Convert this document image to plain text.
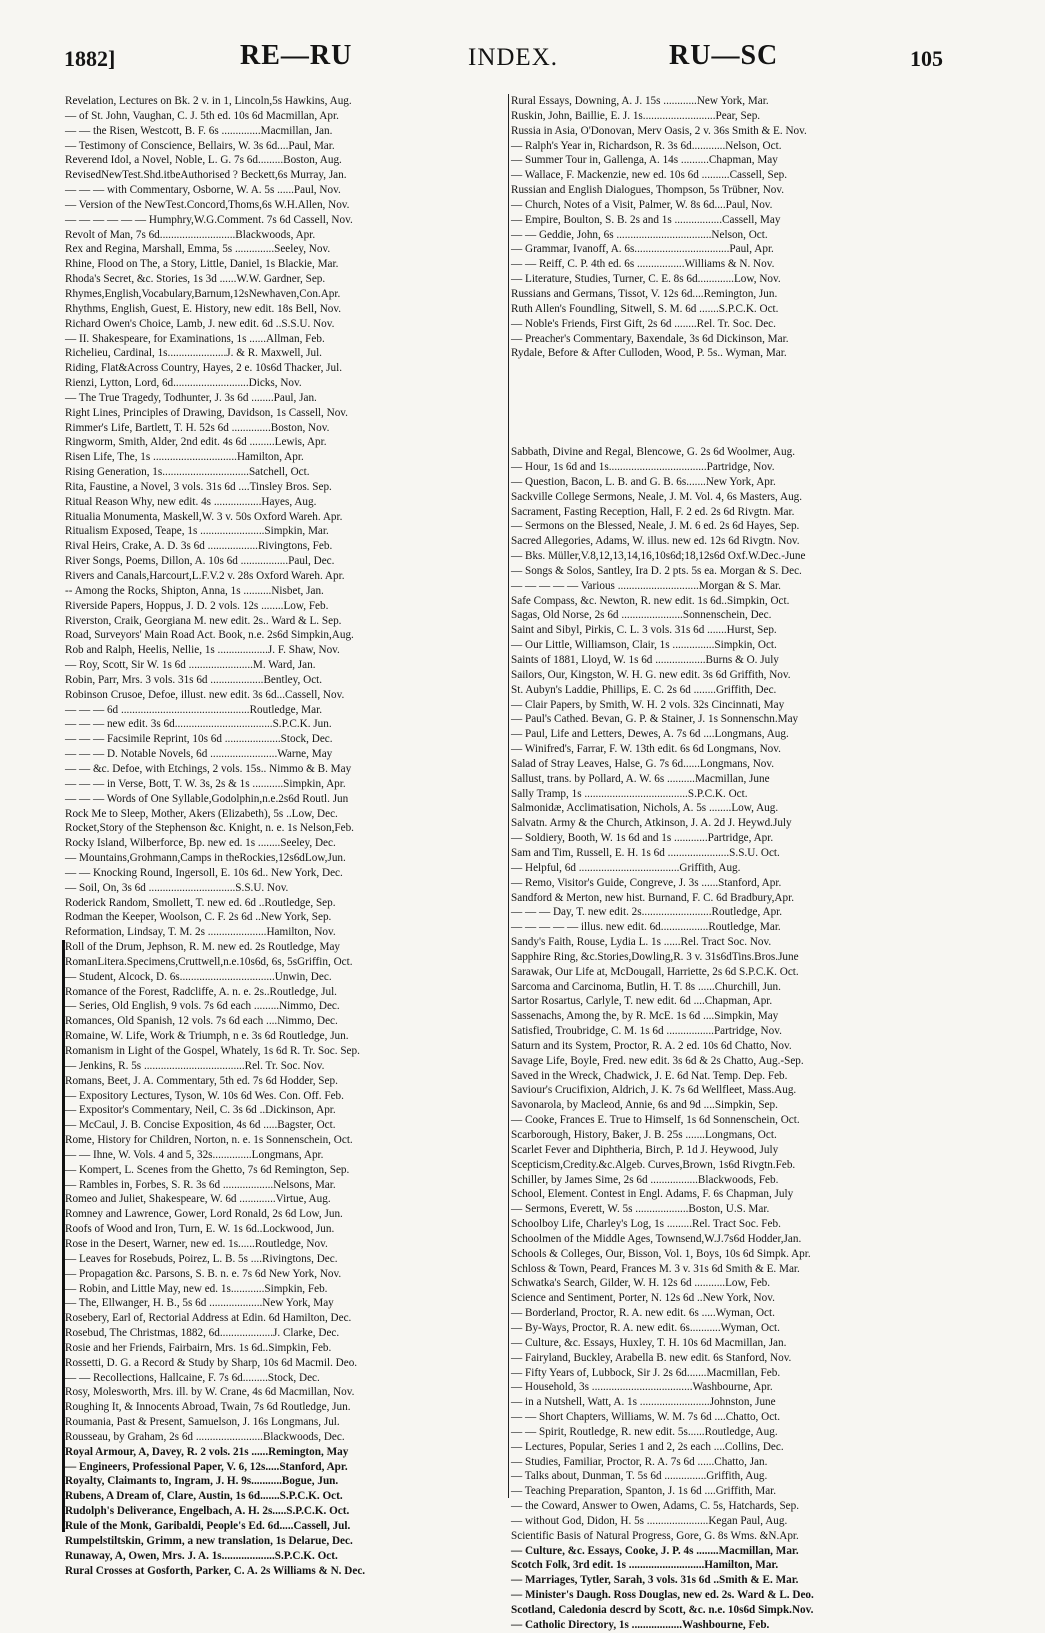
1882]	RE—RU	INDEX.	RU—SC	105
Revelation, Lectures on Bk. 2 v. in 1, Lincoln,5s Hawkins, Aug.
— of St. John, Vaughan, C. J. 5th ed. 10s 6d Macmillan, Apr.
— — the Risen, Westcott, B. F. 6s ..............Macmillan, Jan.
— Testimony of Conscience, Bellairs, W. 3s 6d....Paul, Mar.
Reverend Idol, a Novel, Noble, L. G. 7s 6d.........Boston, Aug.
RevisedNewTest.Shd.itbeAuthorised ? Beckett,6s Murray, Jan.
— — — with Commentary, Osborne, W. A. 5s ......Paul, Nov.
— Version of the NewTest.Concord,Thoms,6s W.H.Allen, Nov.
— — — — — — Humphry,W.G.Comment. 7s 6d Cassell, Nov.
Revolt of Man, 7s 6d...........................Blackwoods, Apr.
Rex and Regina, Marshall, Emma, 5s ..............Seeley, Nov.
Rhine, Flood on The, a Story, Little, Daniel, 1s Blackie, Mar.
Rhoda's Secret, &c. Stories, 1s 3d ......W.W. Gardner, Sep.
Rhymes,English,Vocabulary,Barnum,12sNewhaven,Con.Apr.
Rhythms, English, Guest, E. History, new edit. 18s Bell, Nov.
Richard Owen's Choice, Lamb, J. new edit. 6d ..S.S.U. Nov.
— II. Shakespeare, for Examinations, 1s ......Allman, Feb.
Richelieu, Cardinal, 1s.....................J. & R. Maxwell, Jul.
Riding, Flat&Across Country, Hayes, 2 e. 10s6d Thacker, Jul.
Rienzi, Lytton, Lord, 6d...........................Dicks, Nov.
— The True Tragedy, Todhunter, J. 3s 6d ........Paul, Jan.
Right Lines, Principles of Drawing, Davidson, 1s Cassell, Nov.
Rimmer's Life, Bartlett, T. H. 52s 6d ..............Boston, Nov.
Ringworm, Smith, Alder, 2nd edit. 4s 6d .........Lewis, Apr.
Risen Life, The, 1s ..............................Hamilton, Apr.
Rising Generation, 1s...............................Satchell, Oct.
Rita, Faustine, a Novel, 3 vols. 31s 6d ....Tinsley Bros. Sep.
Ritual Reason Why, new edit. 4s .................Hayes, Aug.
Ritualia Monumenta, Maskell,W. 3 v. 50s Oxford Wareh. Apr.
Ritualism Exposed, Teape, 1s .......................Simpkin, Mar.
Rival Heirs, Crake, A. D. 3s 6d ..................Rivingtons, Feb.
River Songs, Poems, Dillon, A. 10s 6d .................Paul, Dec.
Rivers and Canals,Harcourt,L.F.V.2 v. 28s Oxford Wareh. Apr.
-- Among the Rocks, Shipton, Anna, 1s ..........Nisbet, Jan.
Riverside Papers, Hoppus, J. D. 2 vols. 12s ........Low, Feb.
Riverston, Craik, Georgiana M. new edit. 2s.. Ward & L. Sep.
Road, Surveyors' Main Road Act. Book, n.e. 2s6d Simpkin,Aug.
Rob and Ralph, Heelis, Nellie, 1s ..................J. F. Shaw, Nov.
— Roy, Scott, Sir W. 1s 6d .......................M. Ward, Jan.
Robin, Parr, Mrs. 3 vols. 31s 6d ...................Bentley, Oct.
Robinson Crusoe, Defoe, illust. new edit. 3s 6d...Cassell, Nov.
— — — 6d ..............................................Routledge, Mar.
— — — new edit. 3s 6d...................................S.P.C.K. Jun.
— — — Facsimile Reprint, 10s 6d ....................Stock, Dec.
— — — D. Notable Novels, 6d ........................Warne, May
— — &c. Defoe, with Etchings, 2 vols. 15s.. Nimmo & B. May
— — — in Verse, Bott, T. W. 3s, 2s & 1s ...........Simpkin, Apr.
— — — Words of One Syllable,Godolphin,n.e.2s6d Routl. Jun
Rock Me to Sleep, Mother, Akers (Elizabeth), 5s ..Low, Dec.
Rocket,Story of the Stephenson &c. Knight, n. e. 1s Nelson,Feb.
Rocky Island, Wilberforce, Bp. new ed. 1s ........Seeley, Dec.
— Mountains,Grohmann,Camps in theRockies,12s6dLow,Jun.
— — Knocking Round, Ingersoll, E. 10s 6d.. New York, Dec.
— Soil, On, 3s 6d ...............................S.S.U. Nov.
Roderick Random, Smollett, T. new ed. 6d ..Routledge, Sep.
Rodman the Keeper, Woolson, C. F. 2s 6d ..New York, Sep.
Reformation, Lindsay, T. M. 2s .....................Hamilton, Nov.
Roll of the Drum, Jephson, R. M. new ed. 2s Routledge, May
RomanLitera.Specimens,Cruttwell,n.e.10s6d, 6s, 5sGriffin, Oct.
— Student, Alcock, D. 6s..................................Unwin, Dec.
Romance of the Forest, Radcliffe, A. n. e. 2s..Routledge, Jul.
— Series, Old English, 9 vols. 7s 6d each .........Nimmo, Dec.
Romances, Old Spanish, 12 vols. 7s 6d each ....Nimmo, Dec.
Romaine, W. Life, Work & Triumph, n e. 3s 6d Routledge, Jun.
Romanism in Light of the Gospel, Whately, 1s 6d R. Tr. Soc. Sep.
— Jenkins, R. 5s ....................................Rel. Tr. Soc. Nov.
Romans, Beet, J. A. Commentary, 5th ed. 7s 6d Hodder, Sep.
— Expository Lectures, Tyson, W. 10s 6d Wes. Con. Off. Feb.
— Expositor's Commentary, Neil, C. 3s 6d ..Dickinson, Apr.
— McCaul, J. B. Concise Exposition, 4s 6d .....Bagster, Oct.
Rome, History for Children, Norton, n. e. 1s Sonnenschein, Oct.
— — Ihne, W. Vols. 4 and 5, 32s..............Longmans, Apr.
— Kompert, L. Scenes from the Ghetto, 7s 6d Remington, Sep.
— Rambles in, Forbes, S. R. 3s 6d ..................Nelsons, Mar.
Romeo and Juliet, Shakespeare, W. 6d .............Virtue, Aug.
Romney and Lawrence, Gower, Lord Ronald, 2s 6d Low, Jun.
Roofs of Wood and Iron, Turn, E. W. 1s 6d..Lockwood, Jun.
Rose in the Desert, Warner, new ed. 1s......Routledge, Nov.
— Leaves for Rosebuds, Poirez, L. B. 5s ....Rivingtons, Dec.
— Propagation &c. Parsons, S. B. n. e. 7s 6d New York, Nov.
— Robin, and Little May, new ed. 1s............Simpkin, Feb.
— The, Ellwanger, H. B., 5s 6d ...................New York, May
Rosebery, Earl of, Rectorial Address at Edin. 6d Hamilton, Dec.
Rosebud, The Christmas, 1882, 6d...................J. Clarke, Dec.
Rosie and her Friends, Fairbairn, Mrs. 1s 6d..Simpkin, Feb.
Rossetti, D. G. a Record & Study by Sharp, 10s 6d Macmil. Deo.
— — Recollections, Hallcaine, F. 7s 6d.........Stock, Dec.
Rosy, Molesworth, Mrs. ill. by W. Crane, 4s 6d Macmillan, Nov.
Roughing It, & Innocents Abroad, Twain, 7s 6d Routledge, Jun.
Roumania, Past & Present, Samuelson, J. 16s Longmans, Jul.
Rousseau, by Graham, 2s 6d ........................Blackwoods, Dec.
Royal Armour, A, Davey, R. 2 vols. 21s ......Remington, May
— Engineers, Professional Paper, V. 6, 12s.....Stanford, Apr.
Royalty, Claimants to, Ingram, J. H. 9s...........Bogue, Jun.
Rubens, A Dream of, Clare, Austin, 1s 6d.......S.P.C.K. Oct.
Rudolph's Deliverance, Engelbach, A. H. 2s.....S.P.C.K. Oct.
Rule of the Monk, Garibaldi, People's Ed. 6d.....Cassell, Jul.
Rumpelstiltskin, Grimm, a new translation, 1s Delarue, Dec.
Runaway, A, Owen, Mrs. J. A. 1s...................S.P.C.K. Oct.
Rural Crosses at Gosforth, Parker, C. A. 2s Williams & N. Dec.
Rural Essays, Downing, A. J. 15s ............New York, Mar.
Ruskin, John, Baillie, E. J. 1s..........................Pear, Sep.
Russia in Asia, O'Donovan, Merv Oasis, 2 v. 36s Smith & E. Nov.
— Ralph's Year in, Richardson, R. 3s 6d............Nelson, Oct.
— Summer Tour in, Gallenga, A. 14s ..........Chapman, May
— Wallace, F. Mackenzie, new ed. 10s 6d ..........Cassell, Sep.
Russian and English Dialogues, Thompson, 5s Trübner, Nov.
— Church, Notes of a Visit, Palmer, W. 8s 6d....Paul, Nov.
— Empire, Boulton, S. B. 2s and 1s .................Cassell, May
— — Geddie, John, 6s ..................................Nelson, Oct.
— Grammar, Ivanoff, A. 6s..................................Paul, Apr.
— — Reiff, C. P. 4th ed. 6s .................Williams & N. Nov.
— Literature, Studies, Turner, C. E. 8s 6d.............Low, Nov.
Russians and Germans, Tissot, V. 12s 6d....Remington, Jun.
Ruth Allen's Foundling, Sitwell, S. M. 6d .......S.P.C.K. Oct.
— Noble's Friends, First Gift, 2s 6d ........Rel. Tr. Soc. Dec.
— Preacher's Commentary, Baxendale, 3s 6d Dickinson, Mar.
Rydale, Before & After Culloden, Wood, P. 5s.. Wyman, Mar.
Sabbath, Divine and Regal, Blencowe, G. 2s 6d Woolmer, Aug.
— Hour, 1s 6d and 1s...................................Partridge, Nov.
— Question, Bacon, L. B. and G. B. 6s.......New York, Apr.
Sackville College Sermons, Neale, J. M. Vol. 4, 6s Masters, Aug.
Sacrament, Fasting Reception, Hall, F. 2 ed. 2s 6d Rivgtn. Mar.
— Sermons on the Blessed, Neale, J. M. 6 ed. 2s 6d Hayes, Sep.
Sacred Allegories, Adams, W. illus. new ed. 12s 6d Rivgtn. Nov.
— Bks. Müller,V.8,12,13,14,16,10s6d;18,12s6d Oxf.W.Dec.-June
— Songs & Solos, Santley, Ira D. 2 pts. 5s ea. Morgan & S. Dec.
— — — — — Various .............................Morgan & S. Mar.
Safe Compass, &c. Newton, R. new edit. 1s 6d..Simpkin, Oct.
Sagas, Old Norse, 2s 6d ......................Sonnenschein, Dec.
Saint and Sibyl, Pirkis, C. L. 3 vols. 31s 6d .......Hurst, Sep.
— Our Little, Williamson, Clair, 1s ...............Simpkin, Oct.
Saints of 1881, Lloyd, W. 1s 6d ..................Burns & O. July
Sailors, Our, Kingston, W. H. G. new edit. 3s 6d Griffith, Nov.
St. Aubyn's Laddie, Phillips, E. C. 2s 6d ........Griffith, Dec.
— Clair Papers, by Smith, W. H. 2 vols. 32s Cincinnati, May
— Paul's Cathed. Bevan, G. P. & Stainer, J. 1s Sonnenschn.May
— Paul, Life and Letters, Dewes, A. 7s 6d ....Longmans, Aug.
— Winifred's, Farrar, F. W. 13th edit. 6s 6d Longmans, Nov.
Salad of Stray Leaves, Halse, G. 7s 6d......Longmans, Nov.
Sallust, trans. by Pollard, A. W. 6s ..........Macmillan, June
Sally Tramp, 1s .....................................S.P.C.K. Oct.
Salmonidæ, Acclimatisation, Nichols, A. 5s ........Low, Aug.
Salvatn. Army & the Church, Atkinson, J. A. 2d J. Heywd.July
— Soldiery, Booth, W. 1s 6d and 1s ............Partridge, Apr.
Sam and Tim, Russell, E. H. 1s 6d ......................S.S.U. Oct.
— Helpful, 6d ....................................Griffith, Aug.
— Remo, Visitor's Guide, Congreve, J. 3s ......Stanford, Apr.
Sandford & Merton, new hist. Burnand, F. C. 6d Bradbury,Apr.
— — — Day, T. new edit. 2s.........................Routledge, Apr.
— — — — — illus. new edit. 6d.................Routledge, Mar.
Sandy's Faith, Rouse, Lydia L. 1s ......Rel. Tract Soc. Nov.
Sapphire Ring, &c.Stories,Dowling,R. 3 v. 31s6dTins.Bros.June
Sarawak, Our Life at, McDougall, Harriette, 2s 6d S.P.C.K. Oct.
Sarcoma and Carcinoma, Butlin, H. T. 8s ......Churchill, Jun.
Sartor Rosartus, Carlyle, T. new edit. 6d ....Chapman, Apr.
Sassenachs, Among the, by R. McE. 1s 6d ....Simpkin, May
Satisfied, Troubridge, C. M. 1s 6d .................Partridge, Nov.
Saturn and its System, Proctor, R. A. 2 ed. 10s 6d Chatto, Nov.
Savage Life, Boyle, Fred. new edit. 3s 6d & 2s Chatto, Aug.-Sep.
Saved in the Wreck, Chadwick, J. E. 6d Nat. Temp. Dep. Feb.
Saviour's Crucifixion, Aldrich, J. K. 7s 6d Wellfleet, Mass.Aug.
Savonarola, by Macleod, Annie, 6s and 9d ....Simpkin, Sep.
— Cooke, Frances E. True to Himself, 1s 6d Sonnenschein, Oct.
Scarborough, History, Baker, J. B. 25s .......Longmans, Oct.
Scarlet Fever and Diphtheria, Birch, P. 1d J. Heywood, July
Scepticism,Credity.&c.Algeb. Curves,Brown, 1s6d Rivgtn.Feb.
Schiller, by James Sime, 2s 6d .................Blackwoods, Feb.
School, Element. Contest in Engl. Adams, F. 6s Chapman, July
— Sermons, Everett, W. 5s ...................Boston, U.S. Mar.
Schoolboy Life, Charley's Log, 1s .........Rel. Tract Soc. Feb.
Schoolmen of the Middle Ages, Townsend,W.J.7s6d Hodder,Jan.
Schools & Colleges, Our, Bisson, Vol. 1, Boys, 10s 6d Simpk. Apr.
Schloss & Town, Peard, Frances M. 3 v. 31s 6d Smith & E. Mar.
Schwatka's Search, Gilder, W. H. 12s 6d ...........Low, Feb.
Science and Sentiment, Porter, N. 12s 6d ..New York, Nov.
— Borderland, Proctor, R. A. new edit. 6s .....Wyman, Oct.
— By-Ways, Proctor, R. A. new edit. 6s...........Wyman, Oct.
— Culture, &c. Essays, Huxley, T. H. 10s 6d Macmillan, Jan.
— Fairyland, Buckley, Arabella B. new edit. 6s Stanford, Nov.
— Fifty Years of, Lubbock, Sir J. 2s 6d.......Macmillan, Feb.
— Household, 3s ....................................Washbourne, Apr.
— in a Nutshell, Watt, A. 1s .........................Johnston, June
— — Short Chapters, Williams, W. M. 7s 6d ....Chatto, Oct.
— — Spirit, Routledge, R. new edit. 5s......Routledge, Aug.
— Lectures, Popular, Series 1 and 2, 2s each ....Collins, Dec.
— Studies, Familiar, Proctor, R. A. 7s 6d ......Chatto, Jan.
— Talks about, Dunman, T. 5s 6d ...............Griffith, Aug.
— Teaching Preparation, Spanton, J. 1s 6d ....Griffith, Mar.
— the Coward, Answer to Owen, Adams, C. 5s, Hatchards, Sep.
— without God, Didon, H. 5s ......................Kegan Paul, Aug.
Scientific Basis of Natural Progress, Gore, G. 8s Wms. &N.Apr.
— Culture, &c. Essays, Cooke, J. P. 4s ........Macmillan, Mar.
Scotch Folk, 3rd edit. 1s ...........................Hamilton, Mar.
— Marriages, Tytler, Sarah, 3 vols. 31s 6d ..Smith & E. Mar.
— Minister's Daugh. Ross Douglas, new ed. 2s. Ward & L. Deo.
Scotland, Caledonia descrd by Scott, &c. n.e. 10s6d Simpk.Nov.
— Catholic Directory, 1s ..................Washbourne, Feb.
